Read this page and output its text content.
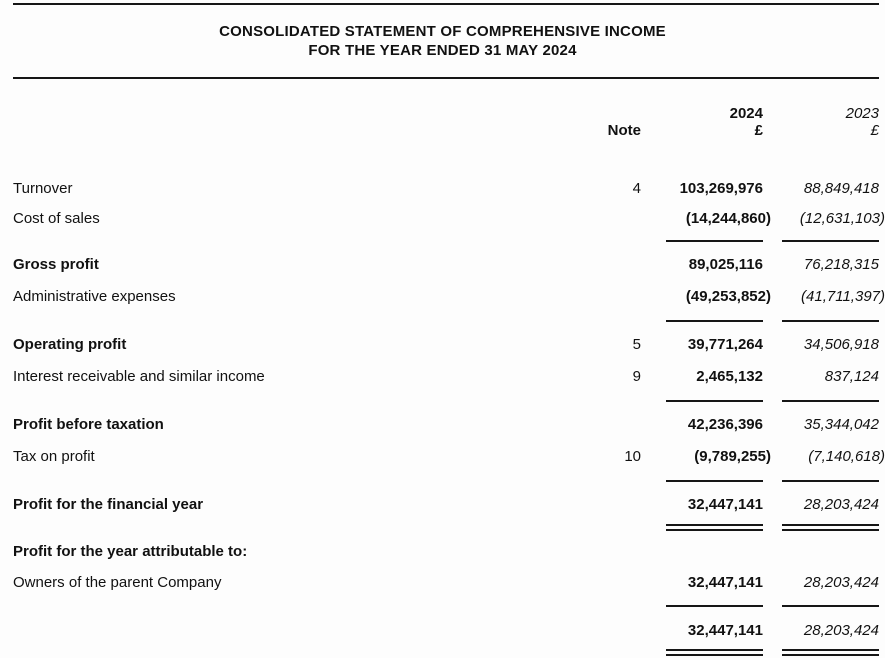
CONSOLIDATED STATEMENT OF COMPREHENSIVE INCOME
FOR THE YEAR ENDED 31 MAY 2024
		2024	2023
	Note	£	£

Turnover	4	103,269,976	88,849,418
Cost of sales		(14,244,860)	(12,631,103)

Gross profit		89,025,116	76,218,315
Administrative expenses		(49,253,852)	(41,711,397)

Operating profit	5	39,771,264	34,506,918
Interest receivable and similar income	9	2,465,132	837,124

Profit before taxation		42,236,396	35,344,042
Tax on profit	10	(9,789,255)	(7,140,618)

Profit for the financial year		32,447,141	28,203,424

Profit for the year attributable to:			
Owners of the parent Company		32,447,141	28,203,424

		32,447,141	28,203,424
